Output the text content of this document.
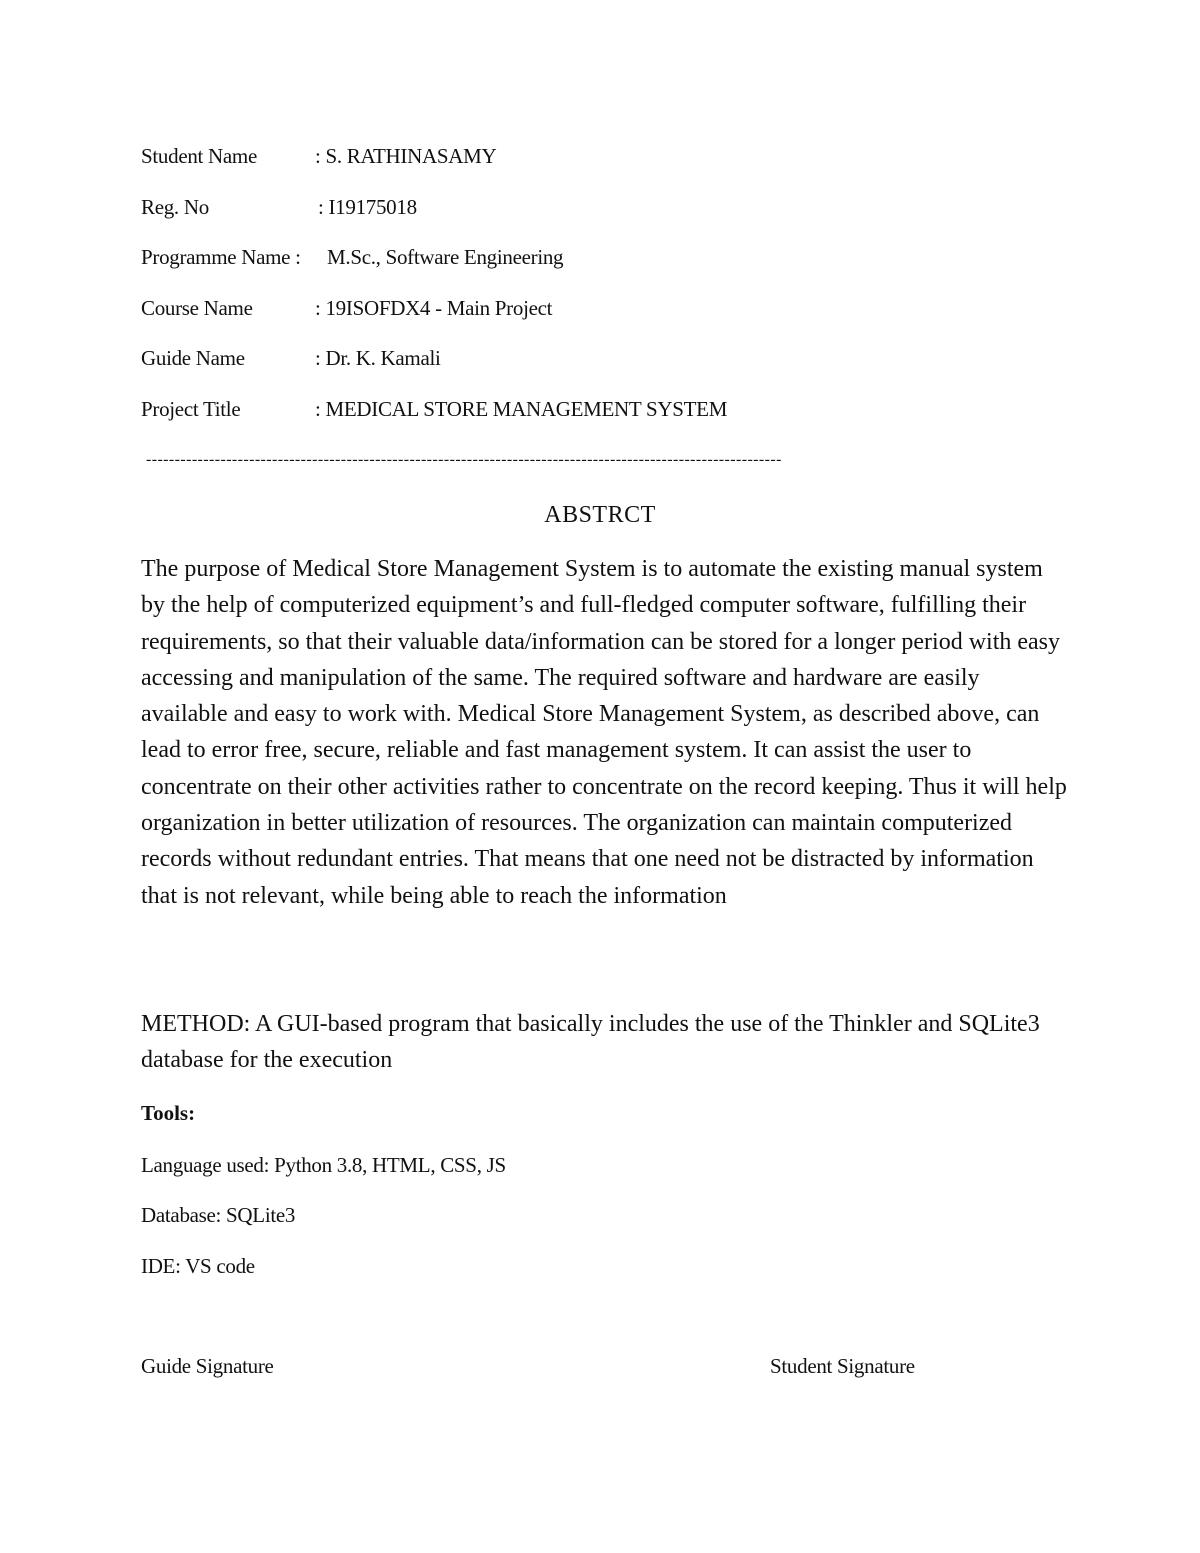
Student Name	: S. RATHINASAMY
Reg. No	: I19175018
Programme Name : M.Sc., Software Engineering
Course Name	: 19ISOFDX4 - Main Project
Guide Name	: Dr. K. Kamali
Project Title	: MEDICAL STORE MANAGEMENT SYSTEM
---------------------------------------------------------------------------------------------------------------
ABSTRCT

The purpose of Medical Store Management System is to automate the existing manual system by the help of computerized equipment’s and full-fledged computer software, fulfilling their requirements, so that their valuable data/information can be stored for a longer period with easy accessing and manipulation of the same. The required software and hardware are easily available and easy to work with. Medical Store Management System, as described above, can lead to error free, secure, reliable and fast management system. It can assist the user to concentrate on their other activities rather to concentrate on the record keeping. Thus it will help organization in better utilization of resources. The organization can maintain computerized records without redundant entries. That means that one need not be distracted by information that is not relevant, while being able to reach the information

METHOD: A GUI-based program that basically includes the use of the Thinkler and SQLite3 database for the execution

Tools:
Language used: Python 3.8, HTML, CSS, JS
Database: SQLite3
IDE: VS code
Guide Signature	Student Signature
